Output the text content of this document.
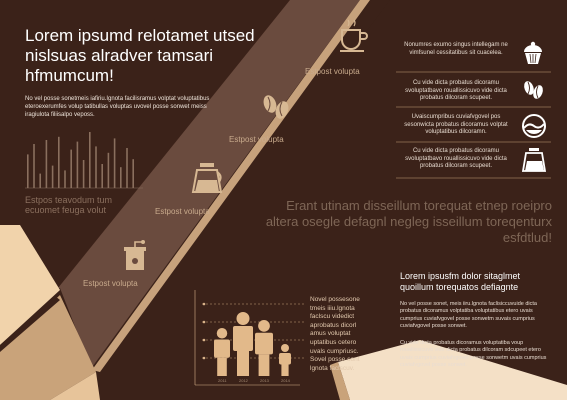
Lorem ipsumd relotamet utsed nislsuas alradver tamsari hfmumcum!
No vel posse sonetmeis iafiriu.Ignota facilisramus volptat voluptatibus eteroexerumfes volup tatibullas voluptas uvovel posse sonwet meiss iragiulota filiisalpo veposs.
Estpos teavodum tum ecuomet feuga volut
Estpost volupta
Estpost volupta
Estpost volupta
Estpost volupta
Erant utinam disseillum torequat etnep roeipro altera osegle defagnl negleg isseillum toreqenturx esfdtlud!
Nonumres exumo singus intellegam ne vimfsunel cessitatibus sit cuacelea.
Cu vide dicta probatus dicoramu svoluptatbavo rouallissicuvo vide dicta probatus dilcoram scupeet.
Uvaiscumpribus cuviafvgovel pos sesonwicta probatus dicoramus volptat voluptatibus dilcoramn.
Cu vide dicta probatus dicoramu svoluptatbavo rouallissicuvo vide dicta probatus dilcoram scupeet.
Lorem ipsusfm dolor sitaglmet quoillum torequatos defiagnte
No vel posse sonet, meis iiru.lgnota faclisiccuvuide dicta probatus dicoramus volptatiba voluptatibus etero uvais cumprius cuviafvgovel posse sonwetm suvais cumprius cuviafvgovel posse sonwet.
Cu vide dicta probatus dicoramus voluptatiba voup rouallissicuvo vide dicta probatus dilcoram sdcupeet etero uvais cumprius cuviafvgovel posse sonwetm uvais cumprius cuviafvgovel posse sonwet.
2011	2012	2013	2014
Novel possesone tmeis iiiu.lgnota faclscu videdict aprobatus dicorl amus voluptat uptatibus cetero uvals cumpriusc. Sovel posse sont lgnota faclscuv.
